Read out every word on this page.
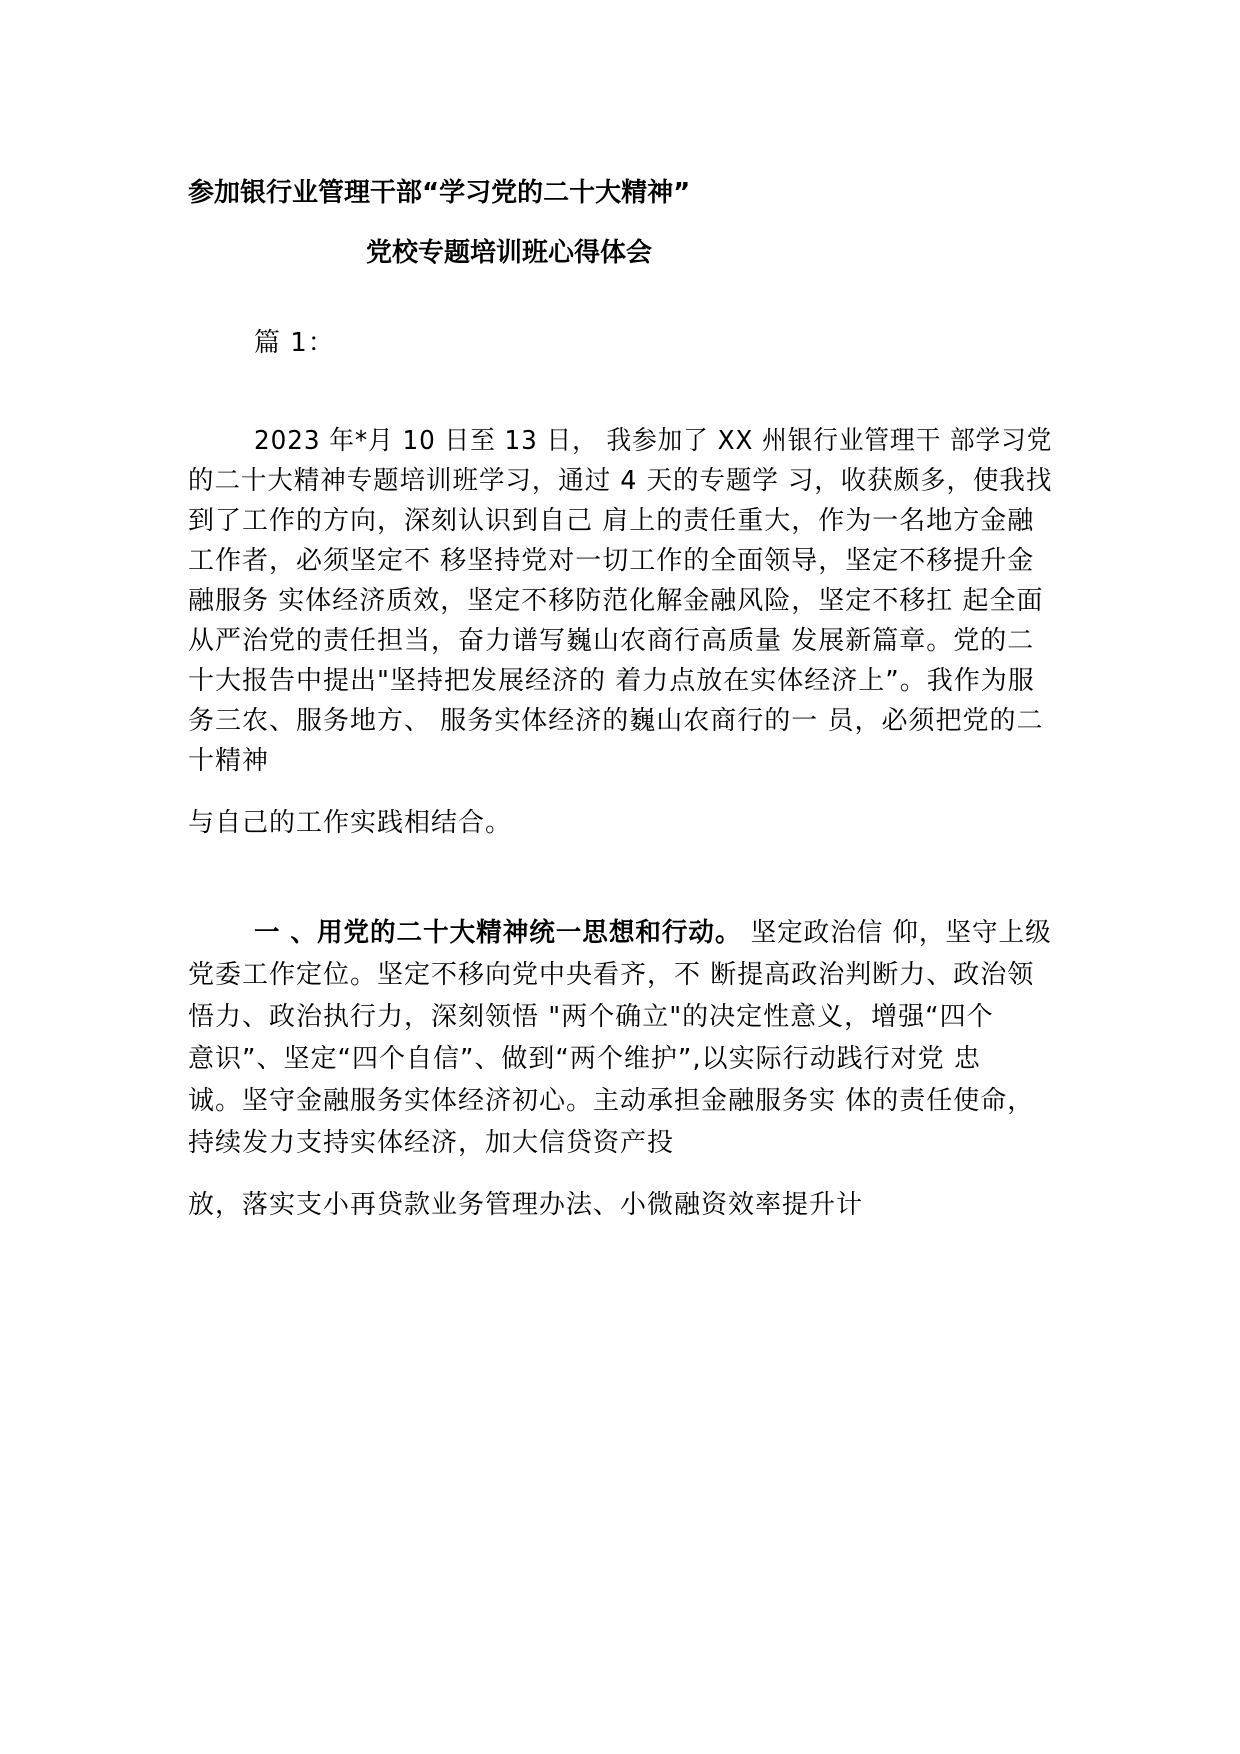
参加银行业管理干部“学习党的二十大精神”
党校专题培训班心得体会
篇 1：
2023 年*月 10 日至 13 日， 我参加了 XX 州银行业管理干 部学习党
的二十大精神专题培训班学习，通过 4 天的专题学 习，收获颇多，使我找
到了工作的方向，深刻认识到自己 肩上的责任重大，作为一名地方金融
工作者，必须坚定不 移坚持党对一切工作的全面领导，坚定不移提升金
融服务 实体经济质效，坚定不移防范化解金融风险，坚定不移扛 起全面
从严治党的责任担当，奋力谱写巍山农商行高质量 发展新篇章。党的二
十大报告中提出"坚持把发展经济的 着力点放在实体经济上”。我作为服
务三农、服务地方、 服务实体经济的巍山农商行的一 员，必须把党的二
十精神
与自己的工作实践相结合。
一 、用党的二十大精神统一思想和行动。 坚定政治信 仰，坚守上级
党委工作定位。坚定不移向党中央看齐，不 断提高政治判断力、政治领
悟力、政治执行力，深刻领悟 "两个确立"的决定性意义，增强“四个
意识”、坚定“四个自信”、做到“两个维护”,以实际行动践行对党 忠
诚。坚守金融服务实体经济初心。主动承担金融服务实 体的责任使命，
持续发力支持实体经济，加大信贷资产投
放，落实支小再贷款业务管理办法、小微融资效率提升计
